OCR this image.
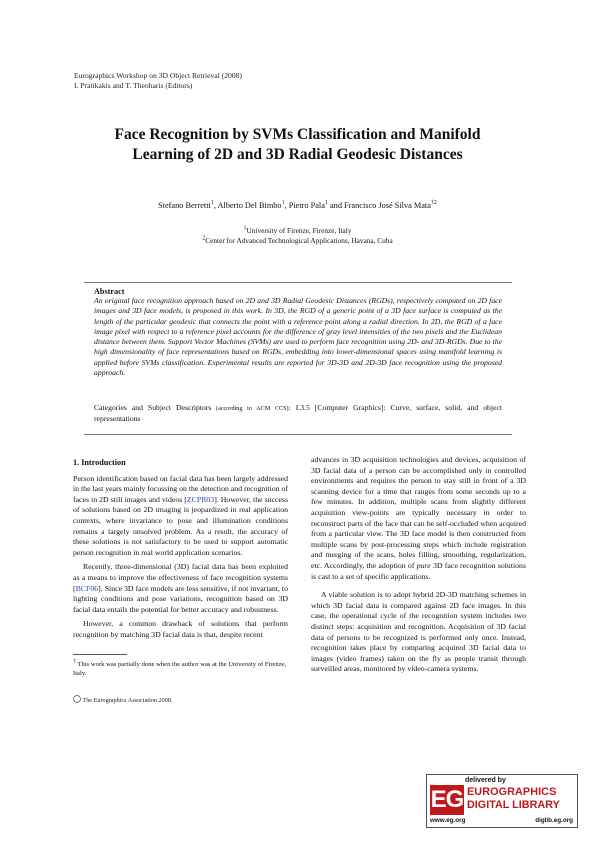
Eurographics Workshop on 3D Object Retrieval (2008)
I. Pratikakis and T. Theoharis (Editors)
Face Recognition by SVMs Classification and Manifold
Learning of 2D and 3D Radial Geodesic Distances
Stefano Berretti$^1$, Alberto Del Bimbo$^1$, Pietro Pala$^1$ and Francisco José Silva Mata$^{\dagger 2}$
$^1$University of Firenze, Firenze, Italy
$^2$Center for Advanced Technological Applications, Havana, Cuba
Abstract
An original face recognition approach based on 2D and 3D Radial Geodesic Distances (RGDs), respectively computed on 2D face images and 3D face models, is proposed in this work. In 3D, the RGD of a generic point of a 3D face surface is computed as the length of the particular geodesic that connects the point with a reference point along a radial direction. In 2D, the RGD of a face image pixel with respect to a reference pixel accounts for the difference of gray level intensities of the two pixels and the Euclidean distance between them. Support Vector Machines (SVMs) are used to perform face recognition using 2D- and 3D-RGDs. Due to the high dimensionality of face representations based on RGDs, embedding into lower-dimensional spaces using manifold learning is applied before SVMs classification. Experimental results are reported for 3D-3D and 2D-3D face recognition using the proposed approach.
Categories and Subject Descriptors (according to ACM CCS): I.3.5 [Computer Graphics]: Curve, surface, solid, and object representations
1. Introduction

Person identification based on facial data has been largely addressed in the last years mainly focussing on the detection and recognition of faces in 2D still images and videos [ZCPR03]. However, the success of solutions based on 2D imaging is jeopardized in real application contexts, where invariance to pose and illumination conditions remains a largely unsolved problem. As a result, the accuracy of these solutions is not satisfactory to be used to support automatic person recognition in real world application scenarios.

Recently, three-dimensional (3D) facial data has been exploited as a means to improve the effectiveness of face recognition systems [BCF06]. Since 3D face models are less sensitive, if not invariant, to lighting conditions and pose variations, recognition based on 3D facial data entails the potential for better accuracy and robustness.

However, a common drawback of solutions that perform recognition by matching 3D facial data is that, despite recent

advances in 3D acquisition technologies and devices, acquisition of 3D facial data of a person can be accomplished only in controlled environments and requires the person to stay still in front of a 3D scanning device for a time that ranges from some seconds up to a few minutes. In addition, multiple scans from slightly different acquisition view-points are typically necessary in order to reconstruct parts of the face that can be self-occluded when acquired from a particular view. The 3D face model is then constructed from multiple scans by post-processing steps which include registration and merging of the scans, holes filling, smoothing, regularization, etc. Accordingly, the adoption of pure 3D face recognition solutions is cast to a set of specific applications.

A viable solution is to adopt hybrid 2D-3D matching schemes in which 3D facial data is compared against 2D face images. In this case, the operational cycle of the recognition system includes two distinct steps: acquisition and recognition. Acquisition of 3D facial data of persons to be recognized is performed only once. Instead, recognition takes place by comparing acquired 3D facial data to images (video frames) taken on the fly as people transit through surveilled areas, monitored by video-camera systems.

† This work was partially done when the author was at the University of Firenze, Italy.
The Eurographics Association 2008.
delivered by
EG EUROGRAPHICS
DIGITAL LIBRARY
www.eg.org	diglib.eg.org
